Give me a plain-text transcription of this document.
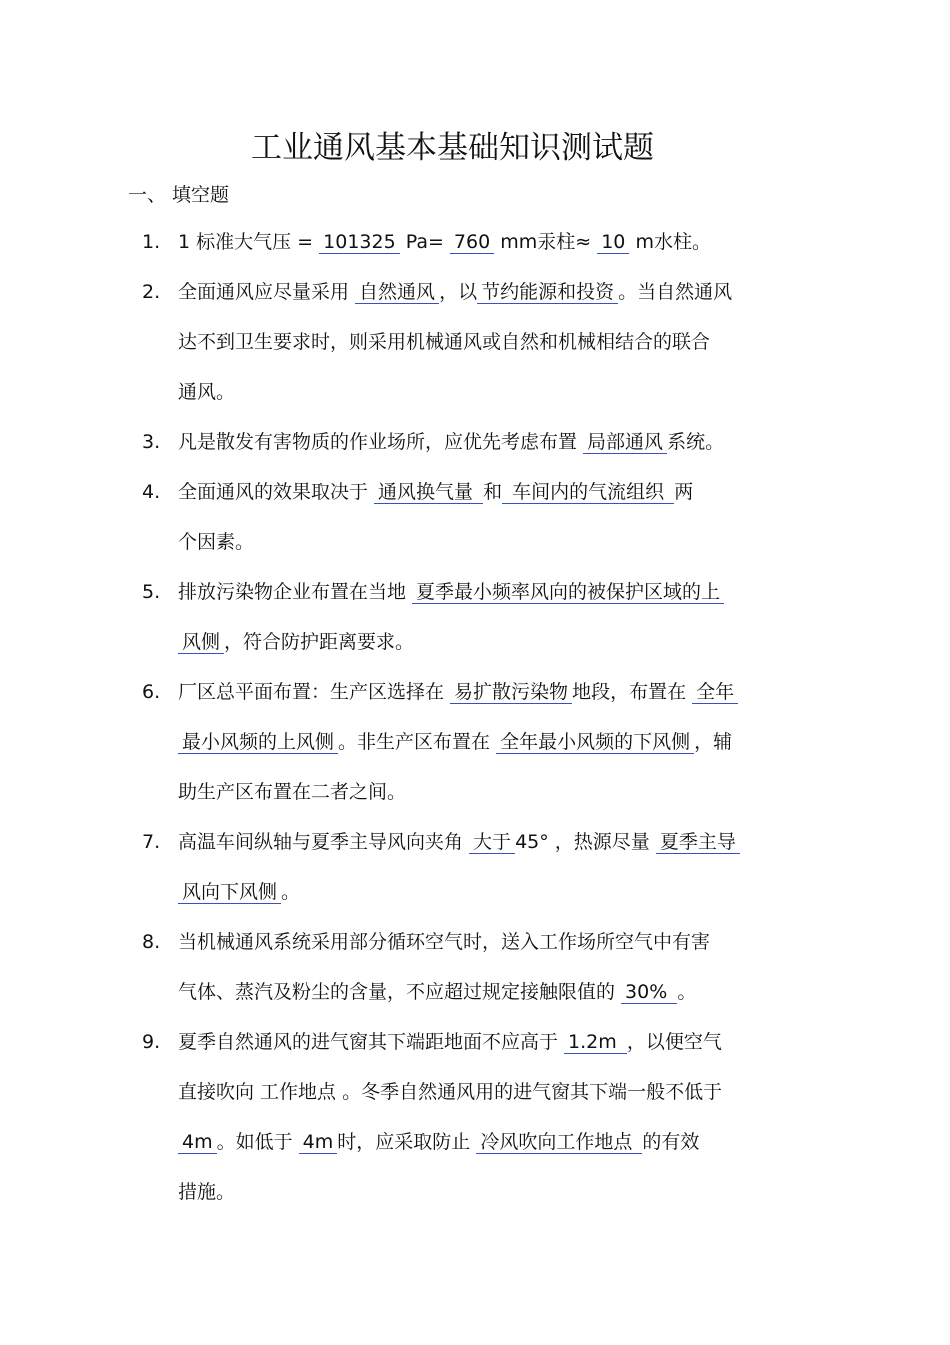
工业通风基本基础知识测试题
一、 填空题
1. 1 标准大气压 = 101325 Pa= 760 mm汞柱≈ 10 m水柱。
2. 全面通风应尽量采用 自然通风 ，以 节约能源和投资 。当自然通风
达不到卫生要求时，则采用机械通风或自然和机械相结合的联合
通风。
3. 凡是散发有害物质的作业场所，应优先考虑布置 局部通风 系统。
4. 全面通风的效果取决于 通风换气量 和 车间内的气流组织 两
个因素。
5. 排放污染物企业布置在当地 夏季最小频率风向的被保护区域的上
风侧 ，符合防护距离要求。
6. 厂区总平面布置：生产区选择在 易扩散污染物 地段，布置在 全年
最小风频的上风侧 。非生产区布置在 全年最小风频的下风侧 ，辅
助生产区布置在二者之间。
7. 高温车间纵轴与夏季主导风向夹角 大于 45° ，热源尽量 夏季主导
风向下风侧 。
8. 当机械通风系统采用部分循环空气时，送入工作场所空气中有害
气体、蒸汽及粉尘的含量，不应超过规定接触限值的 30% 。
9. 夏季自然通风的进气窗其下端距地面不应高于 1.2m ，以便空气
直接吹向 工作地点 。冬季自然通风用的进气窗其下端一般不低于
4m 。如低于 4m 时，应采取防止 冷风吹向工作地点 的有效
措施。
